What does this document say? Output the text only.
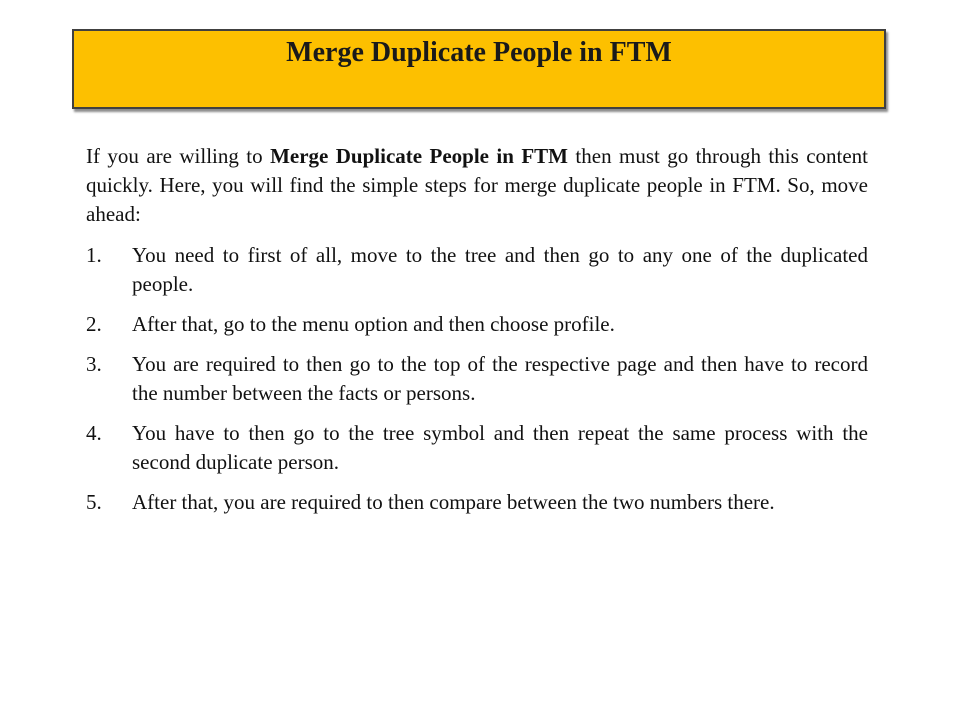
Merge Duplicate People in FTM

If you are willing to Merge Duplicate People in FTM then must go through this content quickly. Here, you will find the simple steps for merge duplicate people in FTM. So, move ahead:

1.	You need to first of all, move to the tree and then go to any one of the duplicated people.
2.	After that, go to the menu option and then choose profile.
3.	You are required to then go to the top of the respective page and then have to record the number between the facts or persons.
4.	You have to then go to the tree symbol and then repeat the same process with the second duplicate person.
5.	After that, you are required to then compare between the two numbers there.
